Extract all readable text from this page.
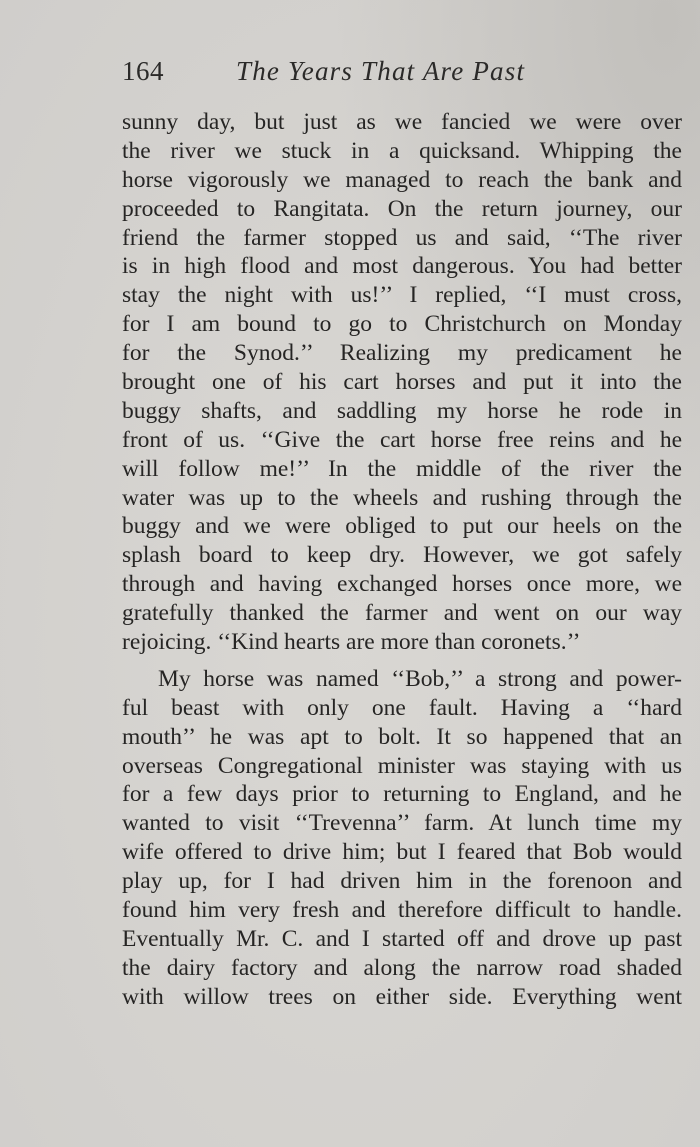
164	The Years That Are Past
sunny day, but just as we fancied we were over
the river we stuck in a quicksand. Whipping the
horse vigorously we managed to reach the bank and
proceeded to Rangitata. On the return journey, our
friend the farmer stopped us and said, ‘‘The river
is in high flood and most dangerous. You had better
stay the night with us!’’ I replied, ‘‘I must cross,
for I am bound to go to Christchurch on Monday
for the Synod.’’ Realizing my predicament he
brought one of his cart horses and put it into the
buggy shafts, and saddling my horse he rode in
front of us. ‘‘Give the cart horse free reins and he
will follow me!’’ In the middle of the river the
water was up to the wheels and rushing through the
buggy and we were obliged to put our heels on the
splash board to keep dry. However, we got safely
through and having exchanged horses once more, we
gratefully thanked the farmer and went on our way
rejoicing. ‘‘Kind hearts are more than coronets.’’
My horse was named ‘‘Bob,’’ a strong and power-
ful beast with only one fault. Having a ‘‘hard
mouth’’ he was apt to bolt. It so happened that an
overseas Congregational minister was staying with us
for a few days prior to returning to England, and he
wanted to visit ‘‘Trevenna’’ farm. At lunch time my
wife offered to drive him; but I feared that Bob would
play up, for I had driven him in the forenoon and
found him very fresh and therefore difficult to handle.
Eventually Mr. C. and I started off and drove up past
the dairy factory and along the narrow road shaded
with willow trees on either side. Everything went
